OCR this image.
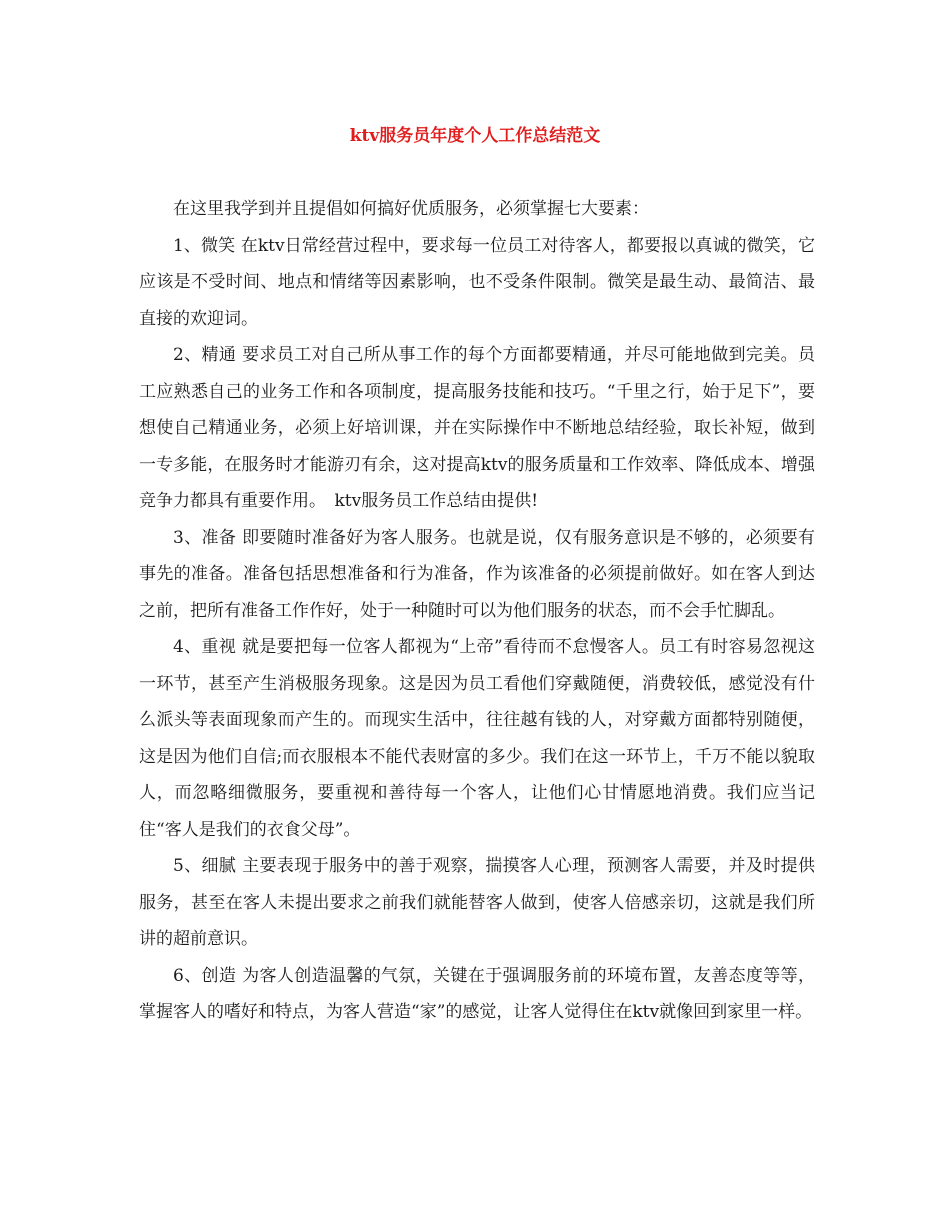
ktv服务员年度个人工作总结范文

在这里我学到并且提倡如何搞好优质服务，必须掌握七大要素：

1、微笑 在ktv日常经营过程中，要求每一位员工对待客人，都要报以真诚的微笑，它应该是不受时间、地点和情绪等因素影响，也不受条件限制。微笑是最生动、最简洁、最直接的欢迎词。

2、精通 要求员工对自己所从事工作的每个方面都要精通，并尽可能地做到完美。员工应熟悉自己的业务工作和各项制度，提高服务技能和技巧。“千里之行，始于足下”，要想使自己精通业务，必须上好培训课，并在实际操作中不断地总结经验，取长补短，做到一专多能，在服务时才能游刃有余，这对提高ktv的服务质量和工作效率、降低成本、增强竞争力都具有重要作用。　ktv服务员工作总结由提供!

3、准备 即要随时准备好为客人服务。也就是说，仅有服务意识是不够的，必须要有事先的准备。准备包括思想准备和行为准备，作为该准备的必须提前做好。如在客人到达之前，把所有准备工作作好，处于一种随时可以为他们服务的状态，而不会手忙脚乱。

4、重视 就是要把每一位客人都视为“上帝”看待而不怠慢客人。员工有时容易忽视这一环节，甚至产生消极服务现象。这是因为员工看他们穿戴随便，消费较低，感觉没有什么派头等表面现象而产生的。而现实生活中，往往越有钱的人，对穿戴方面都特别随便，这是因为他们自信;而衣服根本不能代表财富的多少。我们在这一环节上，千万不能以貌取人，而忽略细微服务，要重视和善待每一个客人，让他们心甘情愿地消费。我们应当记住“客人是我们的衣食父母”。

5、细腻 主要表现于服务中的善于观察，揣摸客人心理，预测客人需要，并及时提供服务，甚至在客人未提出要求之前我们就能替客人做到，使客人倍感亲切，这就是我们所讲的超前意识。

6、创造 为客人创造温馨的气氛，关键在于强调服务前的环境布置，友善态度等等，掌握客人的嗜好和特点，为客人营造“家”的感觉，让客人觉得住在ktv就像回到家里一样。
